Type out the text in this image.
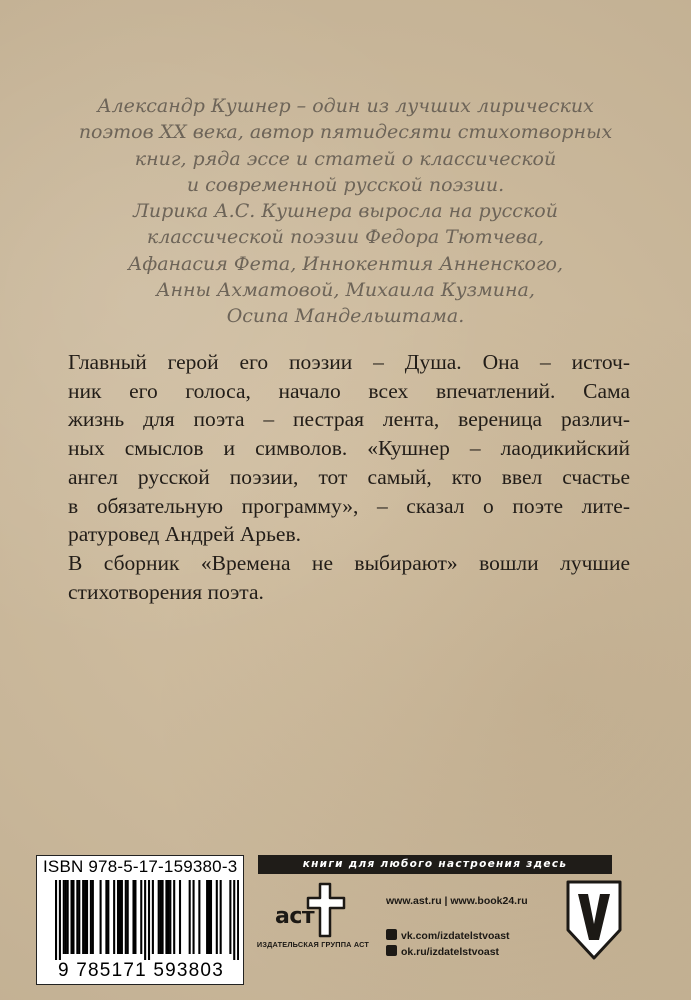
Александр Кушнер – один из лучших лирических
поэтов XX века, автор пятидесяти стихотворных
книг, ряда эссе и статей о классической
и современной русской поэзии.
Лирика А.С. Кушнера выросла на русской
классической поэзии Федора Тютчева,
Афанасия Фета, Иннокентия Анненского,
Анны Ахматовой, Михаила Кузмина,
Осипа Мандельштама.
Главный герой его поэзии – Душа. Она – источ-
ник его голоса, начало всех впечатлений. Сама
жизнь для поэта – пестрая лента, вереница различ-
ных смыслов и символов. «Кушнер – лаодикийский
ангел русской поэзии, тот самый, кто ввел счастье
в обязательную программу», – сказал о поэте лите-
ратуровед Андрей Арьев.
В сборник «Времена не выбирают» вошли лучшие
стихотворения поэта.
ISBN 978-5-17-159380-3
9 785171 593803
книги для любого настроения здесь
аст
ИЗДАТЕЛЬСКАЯ ГРУППА АСТ
www.ast.ru | www.book24.ru
vk.com/izdatelstvoast
ok.ru/izdatelstvoast
